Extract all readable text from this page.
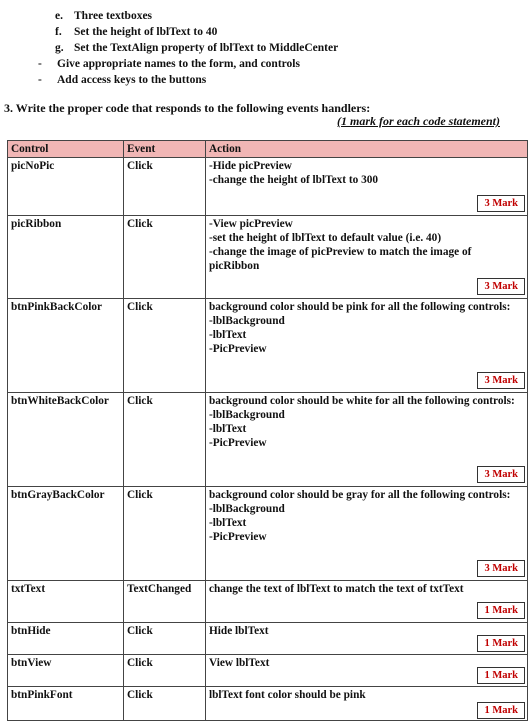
e. Three textboxes
f. Set the height of lblText to 40
g. Set the TextAlign property of lblText to MiddleCenter
- Give appropriate names to the form, and controls
- Add access keys to the buttons
3. Write the proper code that responds to the following events handlers:
(1 mark for each code statement)
Control	Event	Action
picNoPic	Click	-Hide picPreview
-change the height of lblText to 300
3 Mark

picRibbon	Click	-View picPreview
-set the height of lblText to default value (i.e. 40)
-change the image of picPreview to match the image of picRibbon
3 Mark

btnPinkBackColor	Click	background color should be pink for all the following controls:
-lblBackground
-lblText
-PicPreview
3 Mark

btnWhiteBackColor	Click	background color should be white for all the following controls:
-lblBackground
-lblText
-PicPreview
3 Mark

btnGrayBackColor	Click	background color should be gray for all the following controls:
-lblBackground
-lblText
-PicPreview
3 Mark

txtText	TextChanged	change the text of lblText to match the text of txtText
1 Mark

btnHide	Click	Hide lblText
1 Mark

btnView	Click	View lblText
1 Mark

btnPinkFont	Click	lblText font color should be pink
1 Mark
